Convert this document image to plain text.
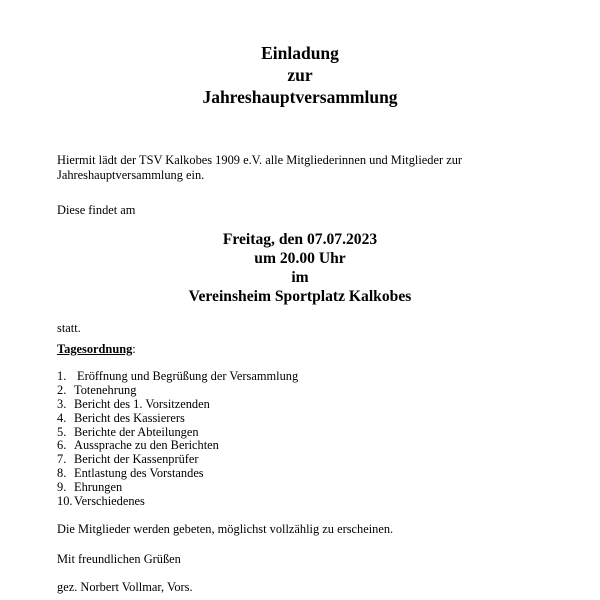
Einladung
zur
Jahreshauptversammlung
Hiermit lädt der TSV Kalkobes 1909 e.V. alle Mitgliederinnen und Mitglieder zur
Jahreshauptversammlung ein.
Diese findet am
Freitag, den 07.07.2023
um 20.00 Uhr
im
Vereinsheim Sportplatz Kalkobes
statt.
Tagesordnung:
1. Eröffnung und Begrüßung der Versammlung
2. Totenehrung
3. Bericht des 1. Vorsitzenden
4. Bericht des Kassierers
5. Berichte der Abteilungen
6. Aussprache zu den Berichten
7. Bericht der Kassenprüfer
8. Entlastung des Vorstandes
9. Ehrungen
10. Verschiedenes
Die Mitglieder werden gebeten, möglichst vollzählig zu erscheinen.
Mit freundlichen Grüßen
gez. Norbert Vollmar, Vors.
